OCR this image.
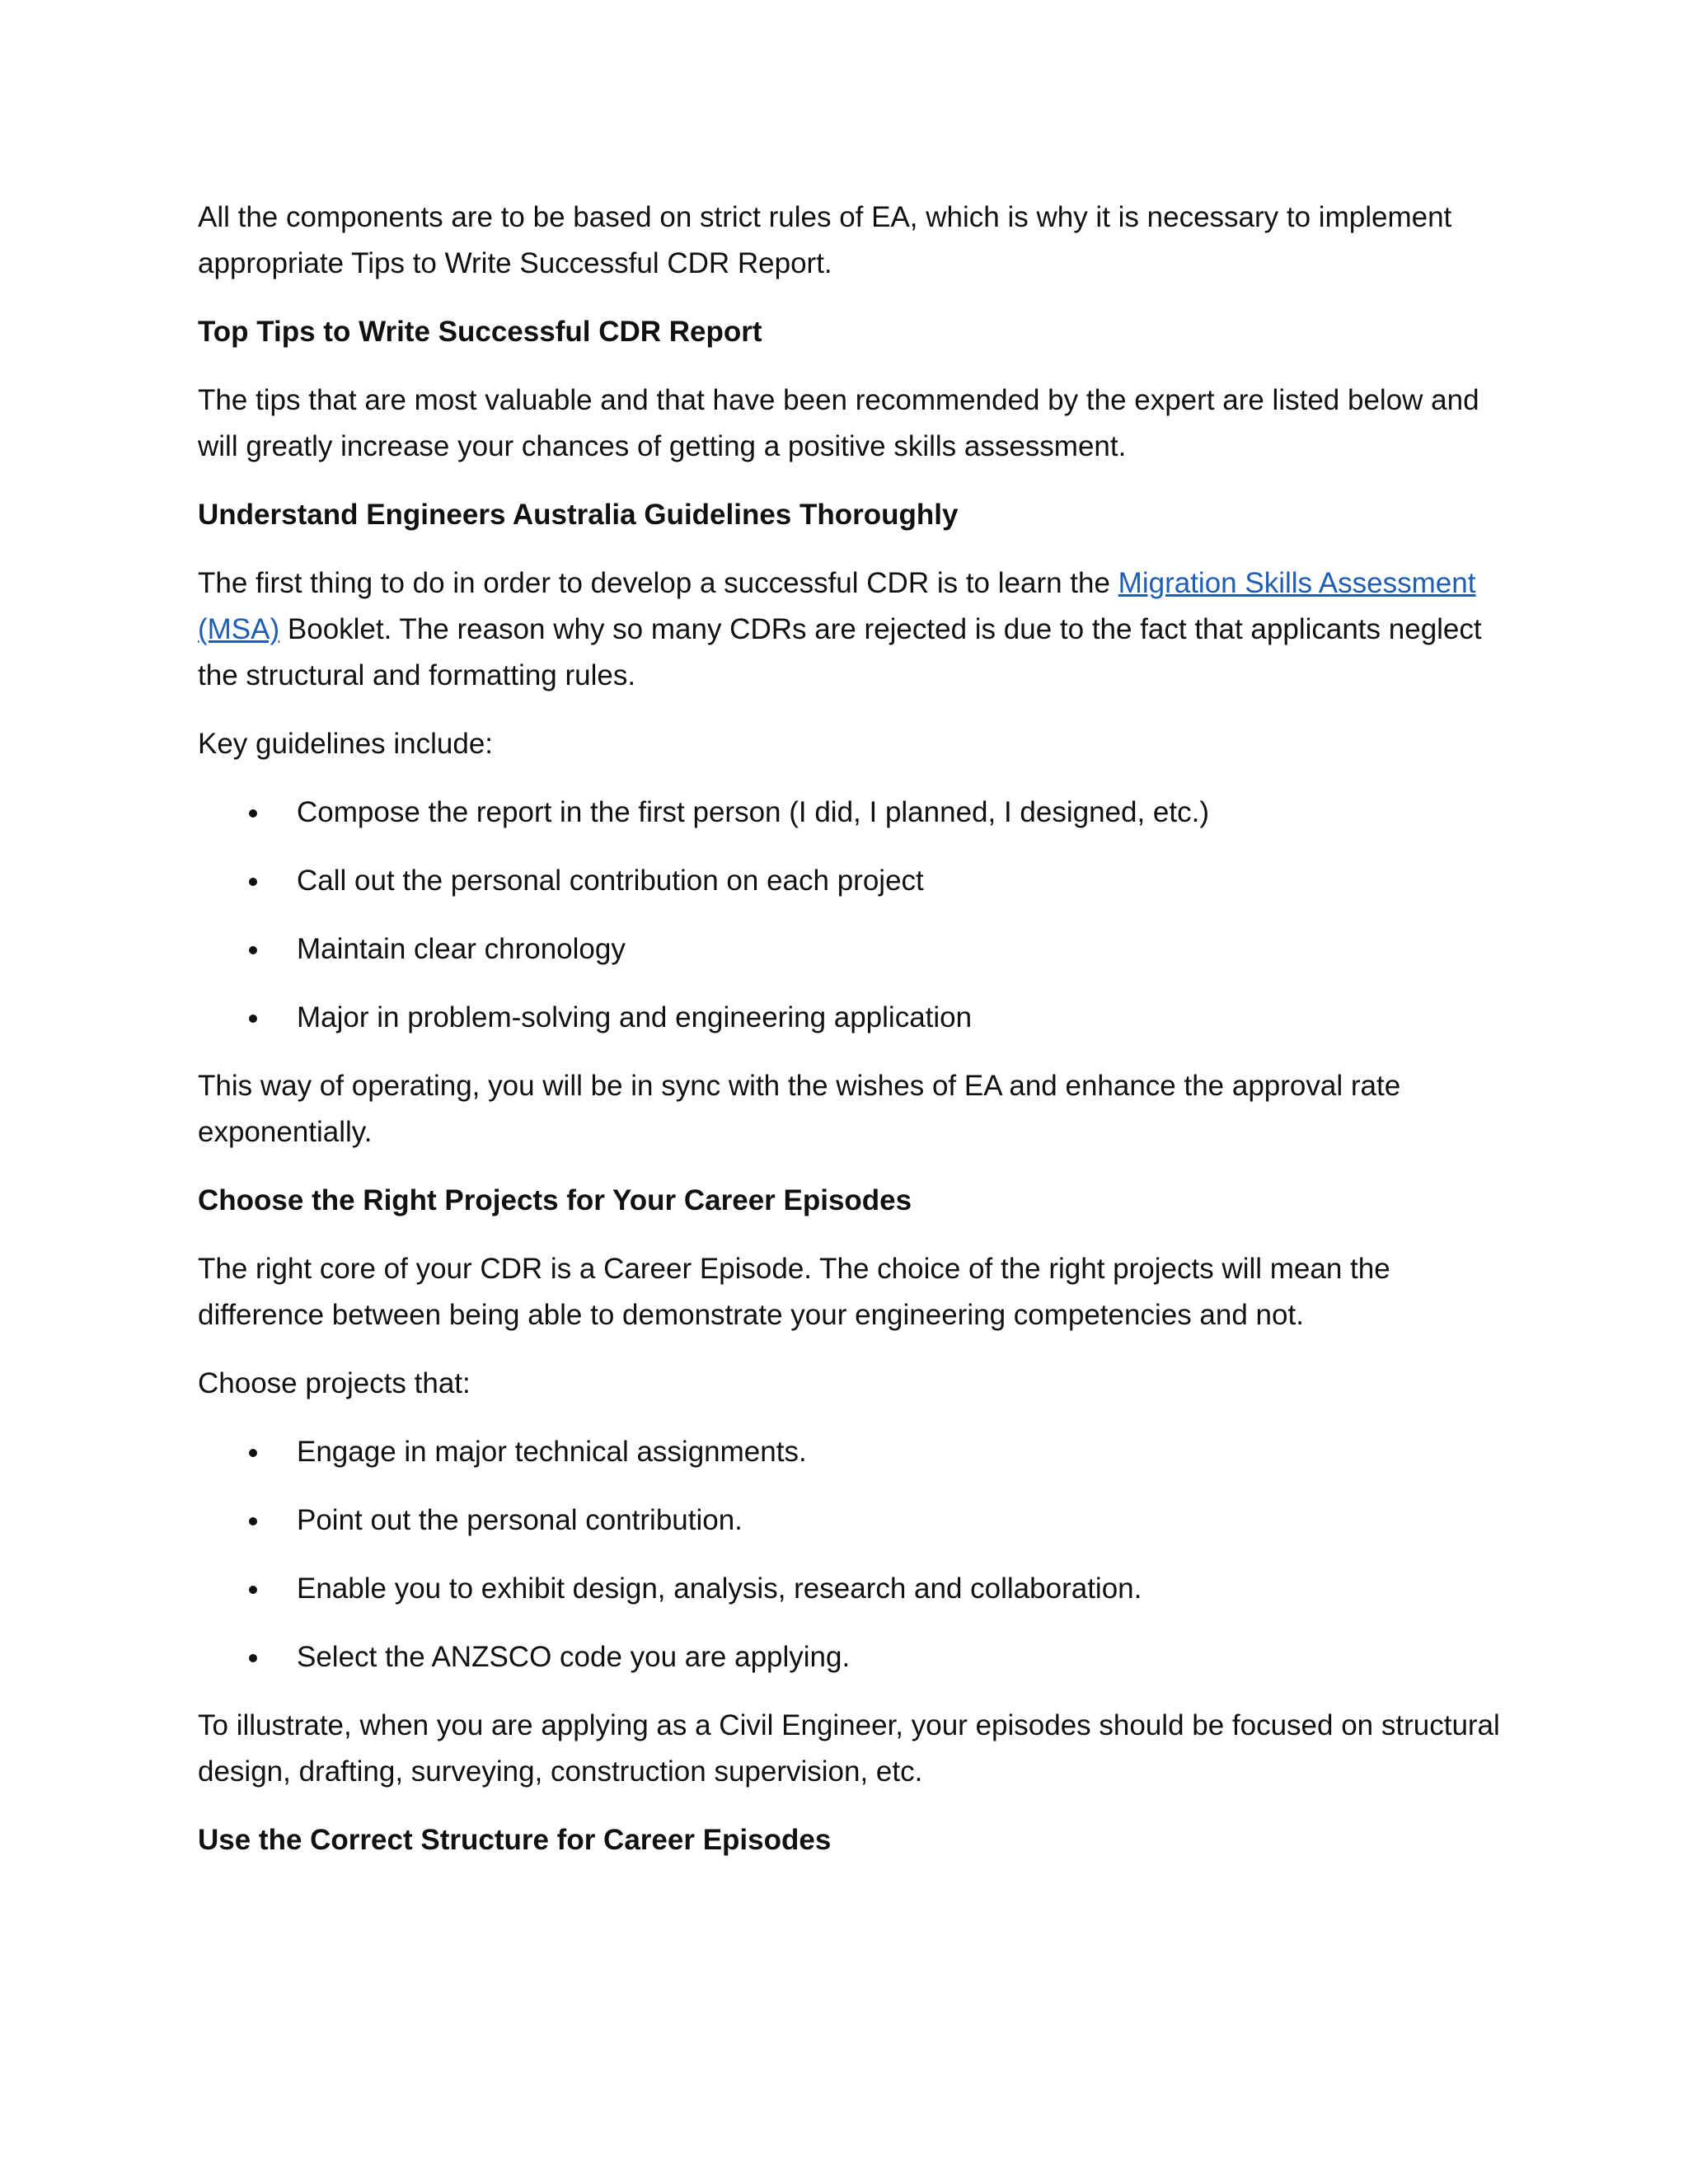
All the components are to be based on strict rules of EA, which is why it is necessary to implement appropriate Tips to Write Successful CDR Report.

Top Tips to Write Successful CDR Report

The tips that are most valuable and that have been recommended by the expert are listed below and will greatly increase your chances of getting a positive skills assessment.

Understand Engineers Australia Guidelines Thoroughly

The first thing to do in order to develop a successful CDR is to learn the Migration Skills Assessment (MSA) Booklet. The reason why so many CDRs are rejected is due to the fact that applicants neglect the structural and formatting rules.

Key guidelines include:

Compose the report in the first person (I did, I planned, I designed, etc.)
Call out the personal contribution on each project
Maintain clear chronology
Major in problem-solving and engineering application

This way of operating, you will be in sync with the wishes of EA and enhance the approval rate exponentially.

Choose the Right Projects for Your Career Episodes

The right core of your CDR is a Career Episode. The choice of the right projects will mean the difference between being able to demonstrate your engineering competencies and not.

Choose projects that:

Engage in major technical assignments.
Point out the personal contribution.
Enable you to exhibit design, analysis, research and collaboration.
Select the ANZSCO code you are applying.

To illustrate, when you are applying as a Civil Engineer, your episodes should be focused on structural design, drafting, surveying, construction supervision, etc.

Use the Correct Structure for Career Episodes
